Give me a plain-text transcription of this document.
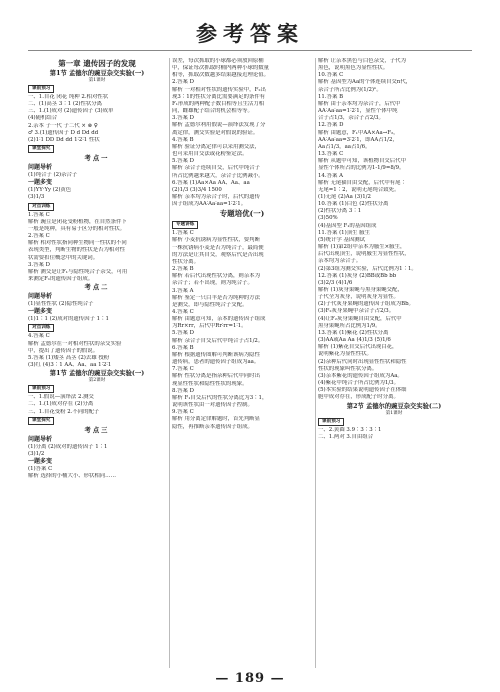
参考答案
第一章 遗传因子的发现
第1节 孟德尔的豌豆杂交实验(一)
第1课时
课前预习
一、1.自花 闭花 纯种 2.相对性状
二、(1)高茎 3∶1 (2)性状分离
三、1.(1)成对 (2)遗传因子 (3)成单
(4)随机结合
2.亲本 子一代 子二代 × ⊗ ♀
♂ 3.(1)遗传因子 D d Dd dd
(2)1∶1 DD Dd dd 1∶2∶1 性状
课堂探究
考点一
问题导析
(1)纯合子 (2)杂合子
一题多变
(1)YY·Yy (2)黄色
(3)1/3
对点训练
1.答案 C
解析 豌豆是闭花受粉植物，在自然条件下
一般是纯种，具有易于区分的相对性状。
2.答案 C
解析 相对性状指同种生物同一性状的不同
表现类型，判断生物的性状是否为相对性
状需要扣住概念中的关键词。
3.答案 D
解析 测交是让F₁与隐性纯合子杂交，可用
来测定F₁的遗传因子组成。
考点二
问题导析
(1)显性性状 (2)隐性纯合子
一题多变
(1)1∶1 (2)成对的遗传因子 1∶1
对点训练
4.答案 C
解析 孟德尔在一对相对性状的杂交实验
中，提出了遗传因子的假说。
5.答案 (1)矮茎 高茎 (2)去雄 授粉
(3)红 (4)3∶1 AA、Aa、aa 1∶2∶1
第1节 孟德尔的豌豆杂交实验(一)
第2课时
课前预习
一、1.假说—演绎法 2.测交
二、1.(1)成对存在 (2)分离
三、1.自花受粉 2.不同的配子
课堂探究
考点三
问题导析
(1)分离 (2)成对的遗传因子 1∶1
(3)1/2
一题多变
(1)答案 C
解析 选择的小桶大小、形状相同……
误差，每次抓取的小球都必须放回原桶
中，保证每次抓取时桶内两种小球的数量
相等，抓取次数越多结果越接近理论值。
2.答案 D
解析 一对相对性状的遗传实验中，F₂出
现3∶1的性状分离比需要满足的条件有
F₁形成的两种配子数目相等且生活力相
同，雌雄配子结合的机会相等等。
3.答案 D
解析 孟德尔利用假说—演绎法发现了分
离定律，测交实验是对假说的验证。
4.答案 B
解析 验证分离定律可以采用测交法，
也可采用自交法或花粉鉴定法。
5.答案 D
解析 杂合子连续自交，后代中纯合子
所占比例越来越大，杂合子比例减小。
6.答案 (1)Aa×Aa AA、Aa、aa
(2)1/3 (3)3/4 1500
解析 亲本均为杂合子时，后代的遗传
因子组成为AA∶Aa∶aa=1∶2∶1。
专题培优(一)
专题讲练
1.答案 C
解析 小麦抗锈病为显性性状，要判断
一株抗锈病小麦是否为纯合子，最简便
的方法是让其自交，观察后代是否出现
性状分离。
2.答案 B
解析 若后代出现性状分离，则亲本为
杂合子；若不出现，则为纯合子。
3.答案 A
解析 鉴定一只白羊是否为纯种的方法
是测交，即与隐性纯合子交配。
4.答案 C
解析 由题意可知，亲本的遗传因子组成
为Rr×rr，后代中Rr∶rr=1∶1。
5.答案 D
解析 杂合子自交后代中纯合子占1/2。
6.答案 B
解析 根据遗传图解可判断该病为隐性
遗传病，患者的遗传因子组成为aa。
7.答案 C
解析 性状分离是指杂种后代中同时出
现显性性状和隐性性状的现象。
8.答案 D
解析 F₁自交后代的性状分离比为3∶1，
说明该性状由一对遗传因子控制。
9.答案 C
解析 用分离定律解题时，首先判断显
隐性，再推断亲本遗传因子组成。
解析 让亲本黑色与白色杂交，子代为
黑色，说明黑色为显性性状。
10.答案 C
解析 基因型为Aa的个体连续自交n代，
杂合子所占比例为(1/2)ⁿ。
11.答案 B
解析 由于亲本均为杂合子，后代中
AA∶Aa∶aa=1∶2∶1，显性个体中纯
合子占1/3，杂合子占2/3。
12.答案 D
解析 由题意，F₁中AA×Aa→F₂，
AA∶Aa∶aa=3∶2∶1，即AA占1/2，
Aa占1/3，aa占1/6。
13.答案 C
解析 从题中可知，该植物自交后代中
显性个体所占的比例为1-1/9=8/9。
14.答案 A
解析 无尾猫自由交配，后代中有尾∶
无尾=1∶2，说明无尾纯合致死。
(1)无尾 (2)Aa (3)1/2
10.答案 (1)白色 (2)性状分离
(2)性状分离 3∶1
(3)50%
(4)基因型 F₁的基因组成
11.答案 (1)顶生 腋生
(5)统计学 基因测试
解析 (1)第2组中亲本为腋生×腋生，
后代出现顶生，说明腋生为显性性状，
亲本均为杂合子。
(2)第3组为测交实验，后代比例为1∶1。
12.答案 (1)灰身 (2)BB或Bb bb
(3)2/3 (4)1/6
解析 (1)灰身果蝇与黑身果蝇交配，
子代全为灰身，说明灰身为显性。
(2)子代灰身果蝇的遗传因子组成为Bb。
(3)F₂灰身果蝇中杂合子占2/3。
(4)让F₂灰身果蝇自由交配，后代中
黑身果蝇所占比例为1/9。
13.答案 (1)紫花 (2)性状分离
(3)AA或Aa Aa (4)1/3 (5)1/6
解析 (1)紫花自交后代出现白花，
说明紫花为显性性状。
(2)杂种后代同时出现显性性状和隐性
性状的现象叫性状分离。
(3)亲本紫花的遗传因子组成为Aa。
(4)紫花中纯合子所占比例为1/3。
(5)本实验的结果说明遗传因子在体细
胞中成对存在，形成配子时分离。
第2节 孟德尔的豌豆杂交实验(二)
第1课时
课前预习
一、2.黄圆 3.9∶3∶3∶1
二、1.两对 3.自由组合
— 189 —
